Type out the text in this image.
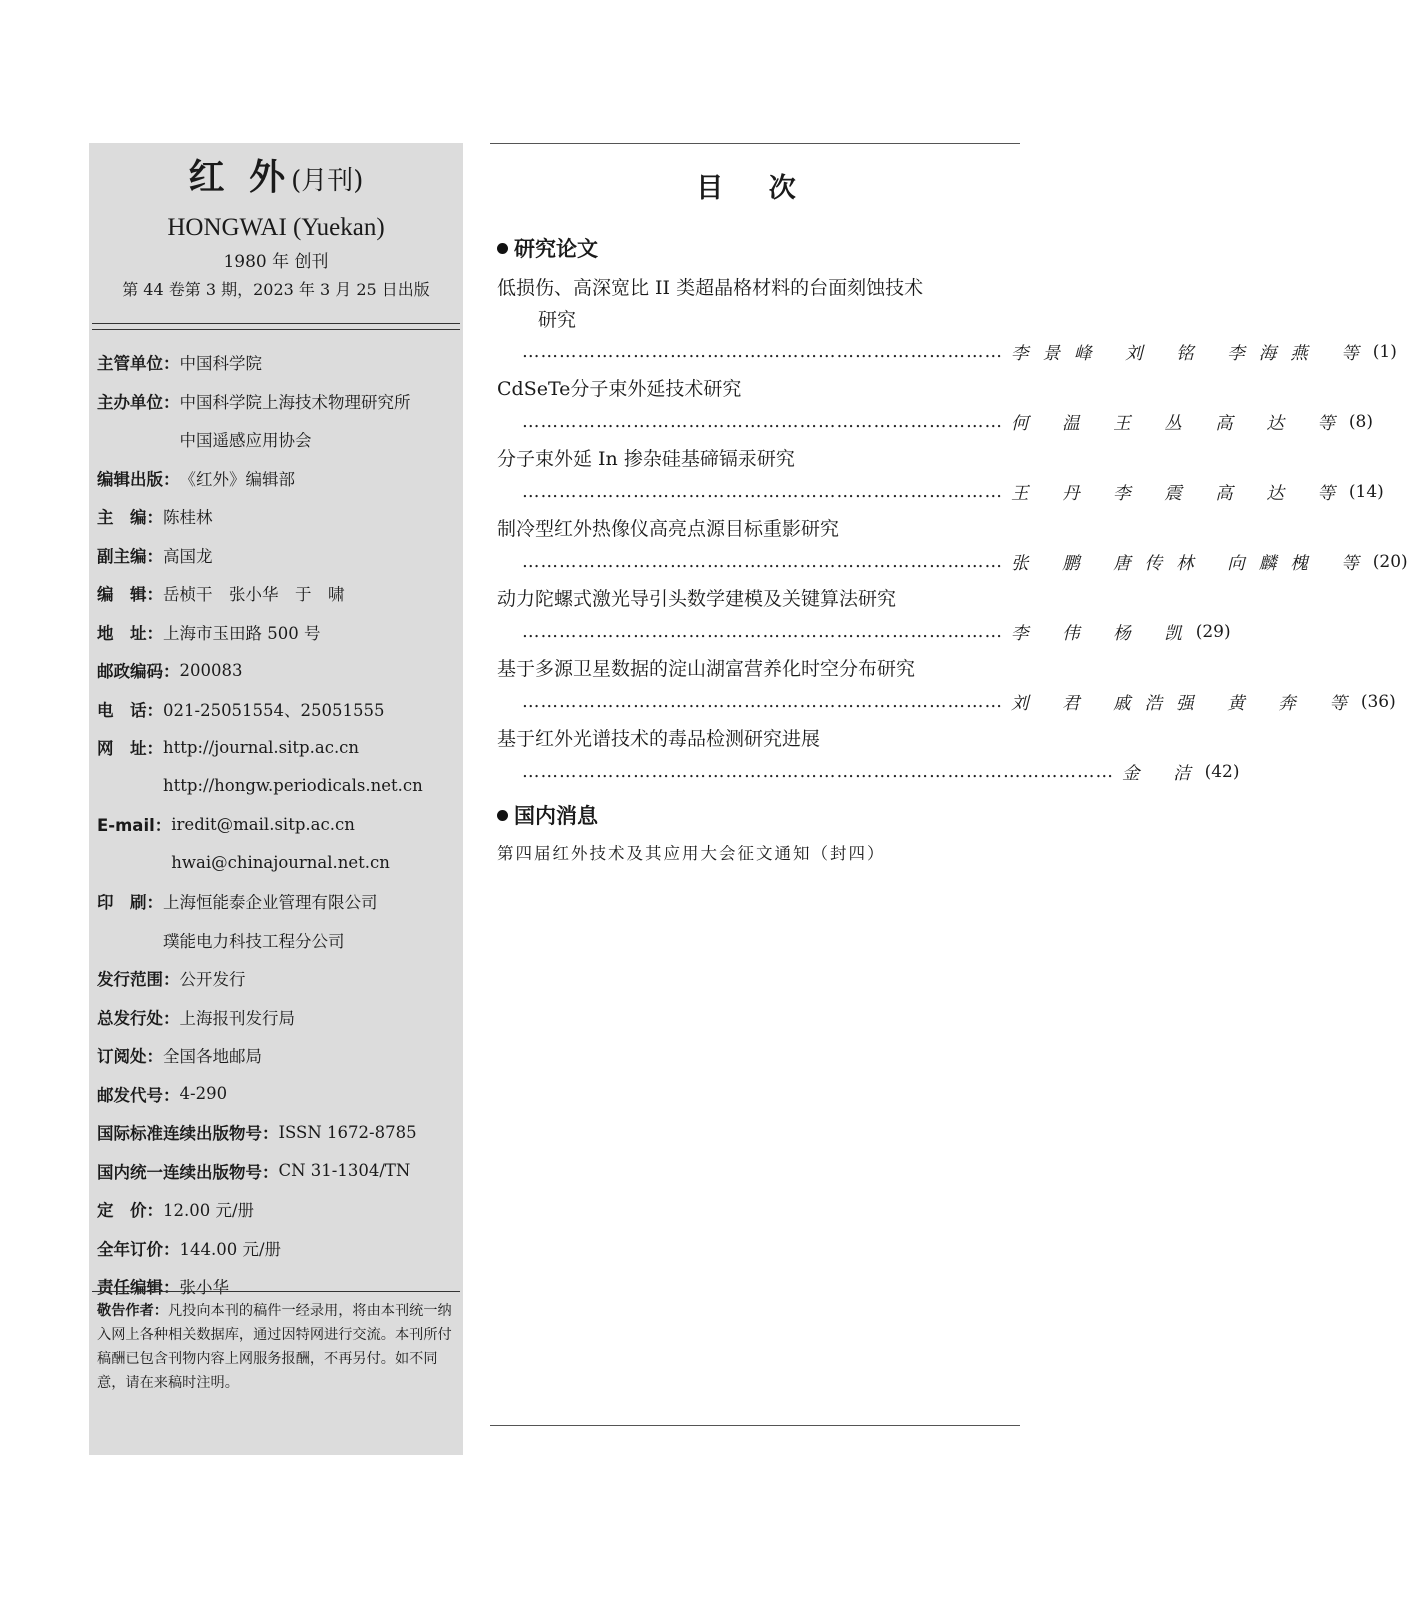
红 外(月刊)
HONGWAI (Yuekan)
1980 年 创刊
第 44 卷第 3 期，2023 年 3 月 25 日出版
主管单位： 中国科学院
主办单位： 中国科学院上海技术物理研究所
中国遥感应用协会
编辑出版： 《红外》编辑部
主　编： 陈桂林
副主编： 高国龙
编　辑： 岳桢干　张小华　于　啸
地　址： 上海市玉田路 500 号
邮政编码： 200083
电　话： 021-25051554、25051555
网　址： http://journal.sitp.ac.cn
http://hongw.periodicals.net.cn
E-mail： iredit@mail.sitp.ac.cn
hwai@chinajournal.net.cn
印　刷： 上海恒能泰企业管理有限公司
璞能电力科技工程分公司
发行范围： 公开发行
总发行处： 上海报刊发行局
订阅处： 全国各地邮局
邮发代号： 4-290
国际标准连续出版物号： ISSN 1672-8785
国内统一连续出版物号： CN 31-1304/TN
定　价： 12.00 元/册
全年订价： 144.00 元/册
责任编辑： 张小华
敬告作者：凡投向本刊的稿件一经录用，将由本刊统一纳入网上各种相关数据库，通过因特网进行交流。本刊所付稿酬已包含刊物内容上网服务报酬，不再另付。如不同意，请在来稿时注明。
目 次
研究论文
低损伤、高深宽比 II 类超晶格材料的台面刻蚀技术
研究
…………………………………………………………………… 李景峰 刘 铭 李海燕 等 (1)
CdSeTe分子束外延技术研究
…………………………………………………………………… 何 温 王 丛 高 达 等 (8)
分子束外延 In 掺杂硅基碲镉汞研究
…………………………………………………………………… 王 丹 李 震 高 达 等 (14)
制冷型红外热像仪高亮点源目标重影研究
…………………………………………………………………… 张 鹏 唐传林 向麟槐 等 (20)
动力陀螺式激光导引头数学建模及关键算法研究
…………………………………………………………………… 李 伟 杨 凯 (29)
基于多源卫星数据的淀山湖富营养化时空分布研究
…………………………………………………………………… 刘 君 戚浩强 黄 奔 等 (36)
基于红外光谱技术的毒品检测研究进展
…………………………………………………………………………………… 金 洁 (42)
国内消息
第四届红外技术及其应用大会征文通知（封四）
